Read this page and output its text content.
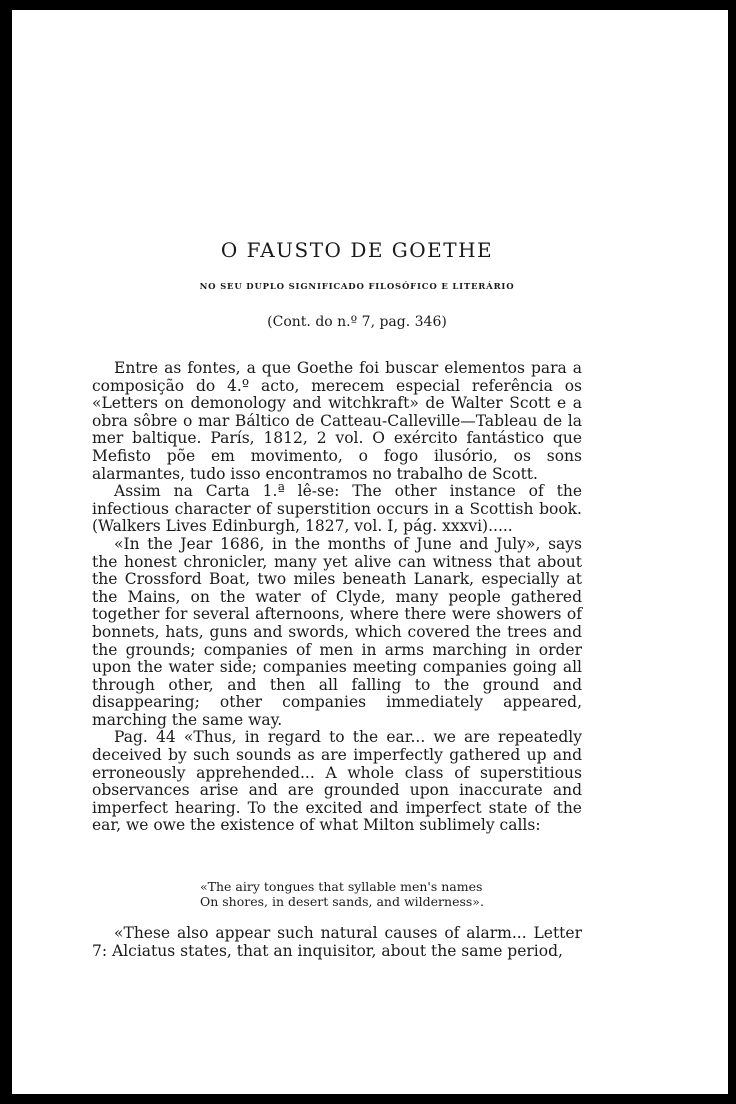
O FAUSTO DE GOETHE
NO SEU DUPLO SIGNIFICADO FILOSÓFICO E LITERÁRIO

(Cont. do n.º 7, pag. 346)

Entre as fontes, a que Goethe foi buscar elementos para a composição do 4.º acto, merecem especial referência os «Letters on demonology and witchkraft» de Walter Scott e a obra sôbre o mar Báltico de Catteau-Calleville—Tableau de la mer baltique. París, 1812, 2 vol. O exército fantástico que Mefisto põe em movimento, o fogo ilusório, os sons alarmantes, tudo isso encontramos no trabalho de Scott.

Assim na Carta 1.ª lê-se: The other instance of the infectious character of superstition occurs in a Scottish book. (Walkers Lives Edinburgh, 1827, vol. I, pág. xxxvi).....

«In the Jear 1686, in the months of June and July», says the honest chronicler, many yet alive can witness that about the Crossford Boat, two miles beneath Lanark, especially at the Mains, on the water of Clyde, many people gathered together for several afternoons, where there were showers of bonnets, hats, guns and swords, which covered the trees and the grounds; companies of men in arms marching in order upon the water side; companies meeting companies going all through other, and then all falling to the ground and disappearing; other companies immediately appeared, marching the same way.

Pag. 44 «Thus, in regard to the ear... we are repeatedly deceived by such sounds as are imperfectly gathered up and erroneously apprehended... A whole class of superstitious observances arise and are grounded upon inaccurate and imperfect hearing. To the excited and imperfect state of the ear, we owe the existence of what Milton sublimely calls:

«The airy tongues that syllable men's names
On shores, in desert sands, and wilderness».

«These also appear such natural causes of alarm... Letter 7: Alciatus states, that an inquisitor, about the same period,
